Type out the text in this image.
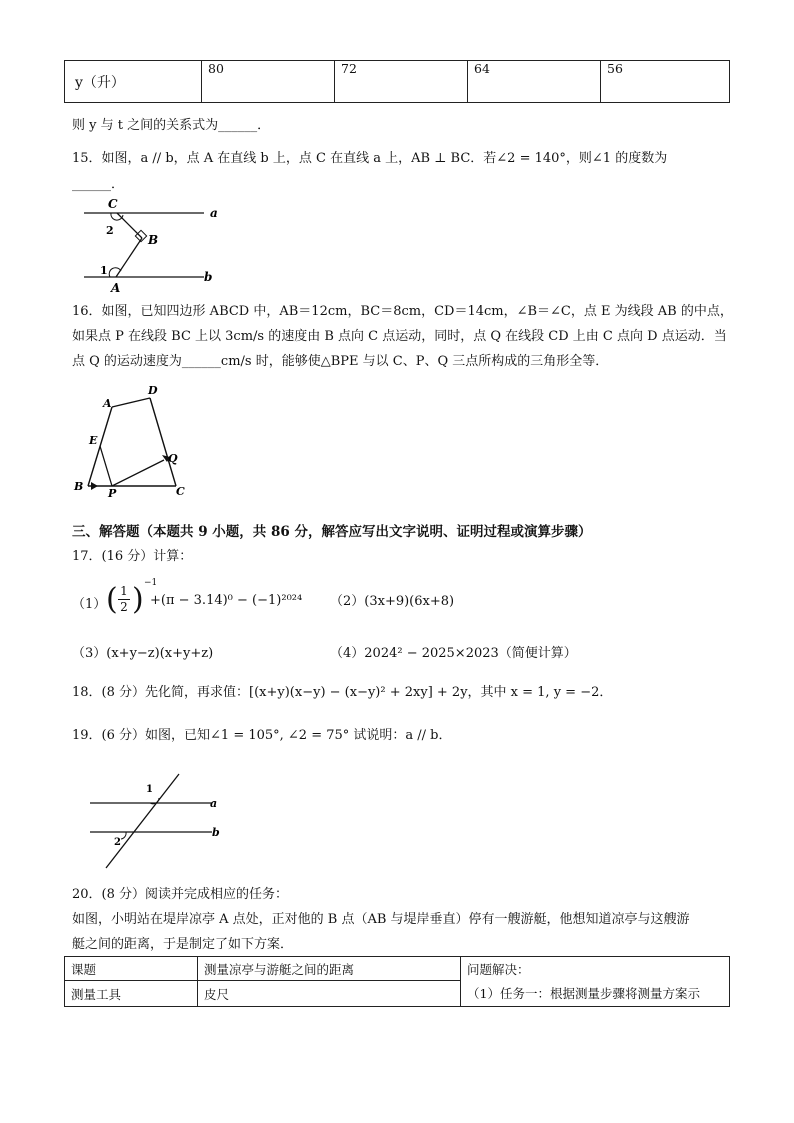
y（升）	80	72	64	56
则 y 与 t 之间的关系式为______．
15．如图，a // b，点 A 在直线 b 上，点 C 在直线 a 上，AB ⊥ BC．若∠2 = 140°，则∠1 的度数为
______．
C
2
B
1
A
a
b
16．如图，已知四边形 ABCD 中，AB＝12cm，BC＝8cm，CD＝14cm，∠B＝∠C，点 E 为线段 AB 的中点，
如果点 P 在线段 BC 上以 3cm/s 的速度由 B 点向 C 点运动，同时，点 Q 在线段 CD 上由 C 点向 D 点运动．当
点 Q 的运动速度为______cm/s 时，能够使△BPE 与以 C、P、Q 三点所构成的三角形全等．
A
D
E
Q
B
P	C
三、解答题（本题共 9 小题，共 86 分，解答应写出文字说明、证明过程或演算步骤）
17．(16 分）计算：
（1） ( 1

2 ) −1
+(π − 3.14)⁰ − (−1)²⁰²⁴ （2）(3x+9)(6x+8)
（3）(x+y−z)(x+y+z)	（4）2024² − 2025×2023（简便计算）
18．(8 分）先化简，再求值：[(x+y)(x−y) − (x−y)² + 2xy] + 2y，其中 x = 1, y = −2．
19．(6 分）如图，已知∠1 = 105°, ∠2 = 75° 试说明：a // b．
1
2
a
b
20．(8 分）阅读并完成相应的任务：
如图，小明站在堤岸凉亭 A 点处，正对他的 B 点（AB 与堤岸垂直）停有一艘游艇，他想知道凉亭与这艘游
艇之间的距离，于是制定了如下方案．
课题	测量凉亭与游艇之间的距离	问题解决：
测量工具	皮尺	（1）任务一：根据测量步骤将测量方案示
